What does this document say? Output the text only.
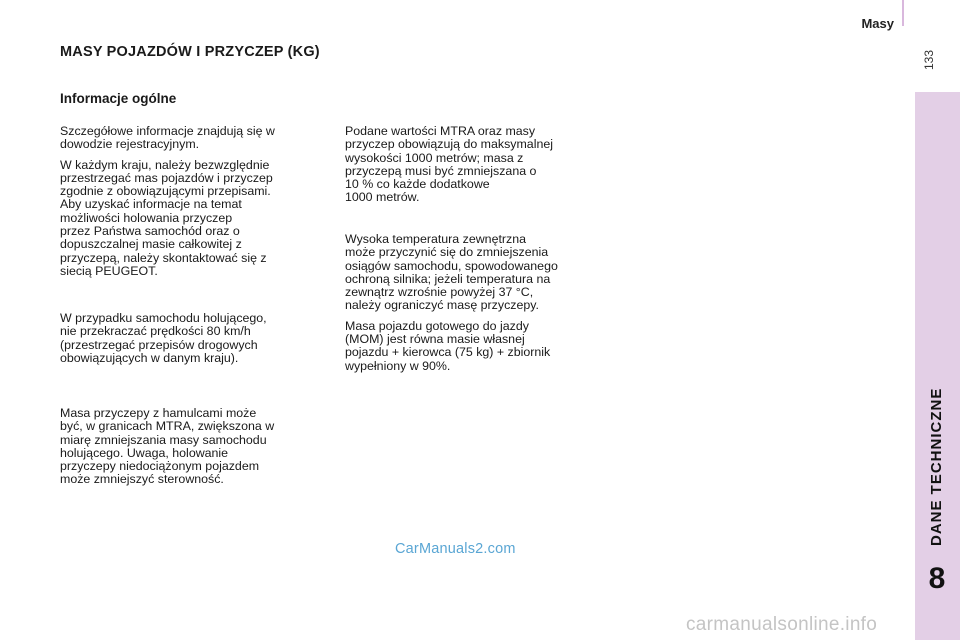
Masy
133
DANE TECHNICZNE
8
MASY POJAZDÓW I PRZYCZEP (KG)
Informacje ogólne

Szczegółowe informacje znajdują się w
dowodzie rejestracyjnym.

W każdym kraju, należy bezwzględnie
przestrzegać mas pojazdów i przyczep
zgodnie z obowiązującymi przepisami.
Aby uzyskać informacje na temat
możliwości holowania przyczep
przez Państwa samochód oraz o
dopuszczalnej masie całkowitej z
przyczepą, należy skontaktować się z
siecią PEUGEOT.

W przypadku samochodu holującego,
nie przekraczać prędkości 80 km/h
(przestrzegać przepisów drogowych
obowiązujących w danym kraju).

Masa przyczepy z hamulcami może
być, w granicach MTRA, zwiększona w
miarę zmniejszania masy samochodu
holującego. Uwaga, holowanie
przyczepy niedociążonym pojazdem
może zmniejszyć sterowność.

Podane wartości MTRA oraz masy
przyczep obowiązują do maksymalnej
wysokości 1000 metrów; masa z
przyczepą musi być zmniejszana o
10 % co każde dodatkowe
1000 metrów.

Wysoka temperatura zewnętrzna
może przyczynić się do zmniejszenia
osiągów samochodu, spowodowanego
ochroną silnika; jeżeli temperatura na
zewnątrz wzrośnie powyżej 37 °C,
należy ograniczyć masę przyczepy.

Masa pojazdu gotowego do jazdy
(MOM) jest równa masie własnej
pojazdu + kierowca (75 kg) + zbiornik
wypełniony w 90%.

CarManuals2.com
carmanualsonline.info
